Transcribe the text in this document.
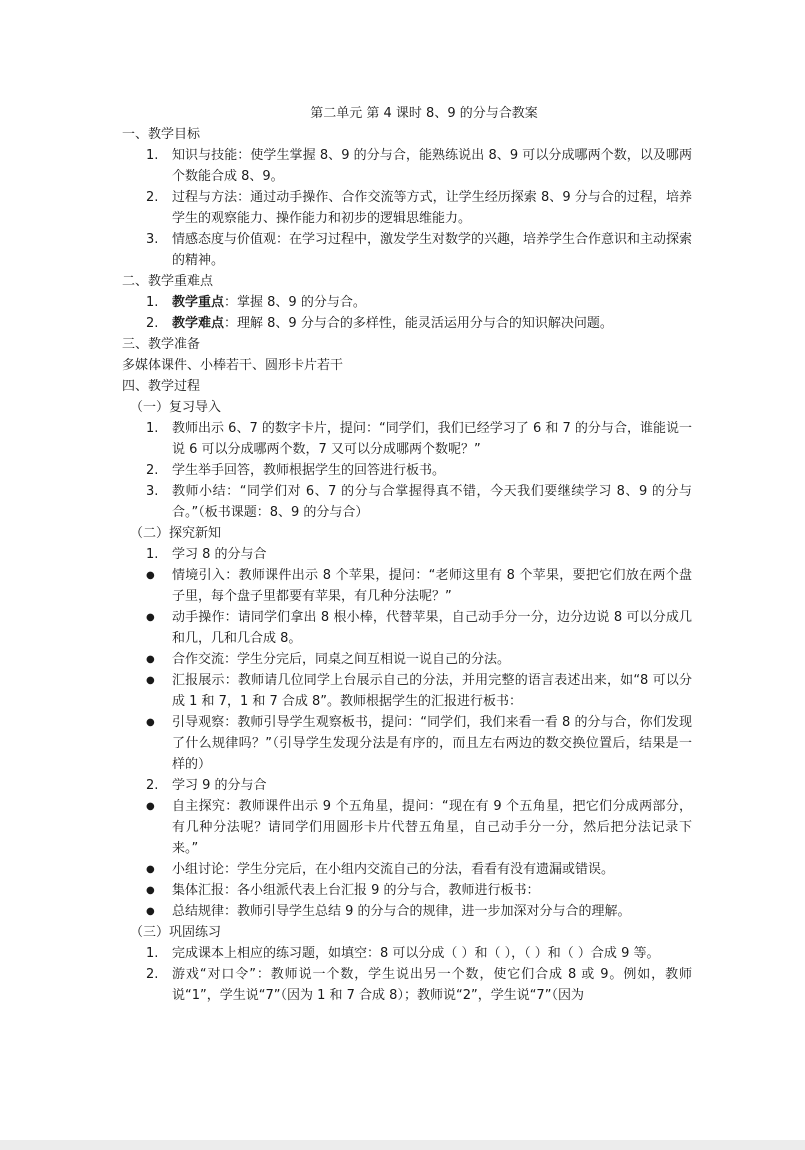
第二单元 第 4 课时 8、9 的分与合教案
一、教学目标
1.	知识与技能：使学生掌握 8、9 的分与合，能熟练说出 8、9 可以分成哪两个数，以及哪两个数能合成 8、9。
2.	过程与方法：通过动手操作、合作交流等方式，让学生经历探索 8、9 分与合的过程，培养学生的观察能力、操作能力和初步的逻辑思维能力。
3.	情感态度与价值观：在学习过程中，激发学生对数学的兴趣，培养学生合作意识和主动探索的精神。
二、教学重难点
1.	教学重点：掌握 8、9 的分与合。
2.	教学难点：理解 8、9 分与合的多样性，能灵活运用分与合的知识解决问题。
三、教学准备
多媒体课件、小棒若干、圆形卡片若干
四、教学过程
（一）复习导入
1.	教师出示 6、7 的数字卡片，提问：“同学们，我们已经学习了 6 和 7 的分与合，谁能说一说 6 可以分成哪两个数，7 又可以分成哪两个数呢？”
2.	学生举手回答，教师根据学生的回答进行板书。
3.	教师小结：“同学们对 6、7 的分与合掌握得真不错，今天我们要继续学习 8、9 的分与合。”（板书课题：8、9 的分与合）
（二）探究新知
1.	学习 8 的分与合
●	情境引入：教师课件出示 8 个苹果，提问：“老师这里有 8 个苹果，要把它们放在两个盘子里，每个盘子里都要有苹果，有几种分法呢？”
●	动手操作：请同学们拿出 8 根小棒，代替苹果，自己动手分一分，边分边说 8 可以分成几和几，几和几合成 8。
●	合作交流：学生分完后，同桌之间互相说一说自己的分法。
●	汇报展示：教师请几位同学上台展示自己的分法，并用完整的语言表述出来，如“8 可以分成 1 和 7，1 和 7 合成 8”。教师根据学生的汇报进行板书：
●	引导观察：教师引导学生观察板书，提问：“同学们，我们来看一看 8 的分与合，你们发现了什么规律吗？”（引导学生发现分法是有序的，而且左右两边的数交换位置后，结果是一样的）
2.	学习 9 的分与合
●	自主探究：教师课件出示 9 个五角星，提问：“现在有 9 个五角星，把它们分成两部分，有几种分法呢？请同学们用圆形卡片代替五角星，自己动手分一分，然后把分法记录下来。”
●	小组讨论：学生分完后，在小组内交流自己的分法，看看有没有遗漏或错误。
●	集体汇报：各小组派代表上台汇报 9 的分与合，教师进行板书：
●	总结规律：教师引导学生总结 9 的分与合的规律，进一步加深对分与合的理解。
（三）巩固练习
1.	完成课本上相应的练习题，如填空：8 可以分成（ ）和（ ），（ ）和（ ）合成 9 等。
2.	游戏“对口令”：教师说一个数，学生说出另一个数，使它们合成 8 或 9。例如，教师说“1”，学生说“7”（因为 1 和 7 合成 8）；教师说“2”，学生说“7”（因为
